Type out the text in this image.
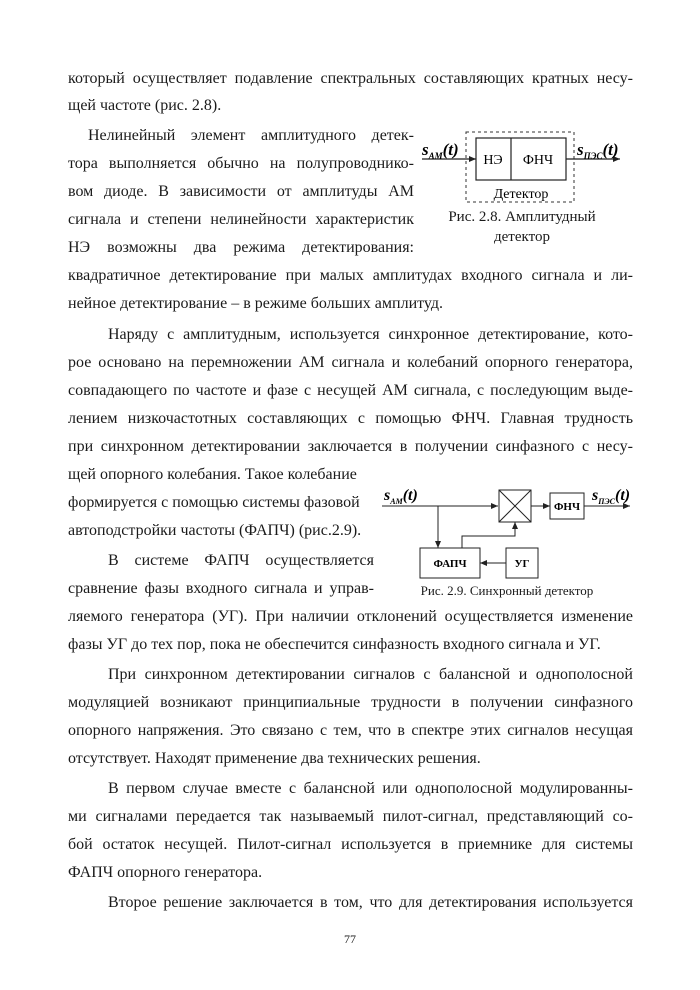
который осуществляет подавление спектральных составляющих кратных несу-
щей частоте (рис. 2.8).
Нелинейный элемент амплитудного детек-
тора выполняется обычно на полупроводнико-
вом диоде. В зависимости от амплитуды АМ
сигнала и степени нелинейности характеристик
НЭ возможны два режима детектирования:
квадратичное детектирование при малых амплитудах входного сигнала и ли-
нейное детектирование – в режиме больших амплитуд.
Наряду с амплитудным, используется синхронное детектирование, кото-
рое основано на перемножении АМ сигнала и колебаний опорного генератора,
совпадающего по частоте и фазе с несущей АМ сигнала, с последующим выде-
лением низкочастотных составляющих с помощью ФНЧ. Главная трудность
при синхронном детектировании заключается в получении синфазного с несу-
щей опорного колебания. Такое колебание
формируется с помощью системы фазовой
автоподстройки частоты (ФАПЧ) (рис.2.9).
В системе ФАПЧ осуществляется
сравнение фазы входного сигнала и управ-
ляемого генератора (УГ). При наличии отклонений осуществляется изменение
фазы УГ до тех пор, пока не обеспечится синфазность входного сигнала и УГ.
При синхронном детектировании сигналов с балансной и однополосной
модуляцией возникают принципиальные трудности в получении синфазного
опорного напряжения. Это связано с тем, что в спектре этих сигналов несущая
отсутствует. Находят применение два технических решения.
В первом случае вместе с балансной или однополосной модулированны-
ми сигналами передается так называемый пилот-сигнал, представляющий со-
бой остаток несущей. Пилот-сигнал используется в приемнике для системы
ФАПЧ опорного генератора.
Второе решение заключается в том, что для детектирования используется
$s_{АМ}(t)$	$s_{ПЭС}(t)$
НЭ ФНЧ
Детектор
Рис. 2.8. Амплитудный
детектор
ФНЧ
ФАПЧ	УГ
$s_{АМ}(t)$	$s_{ПЭС}(t)$
Рис. 2.9. Синхронный детектор
77
